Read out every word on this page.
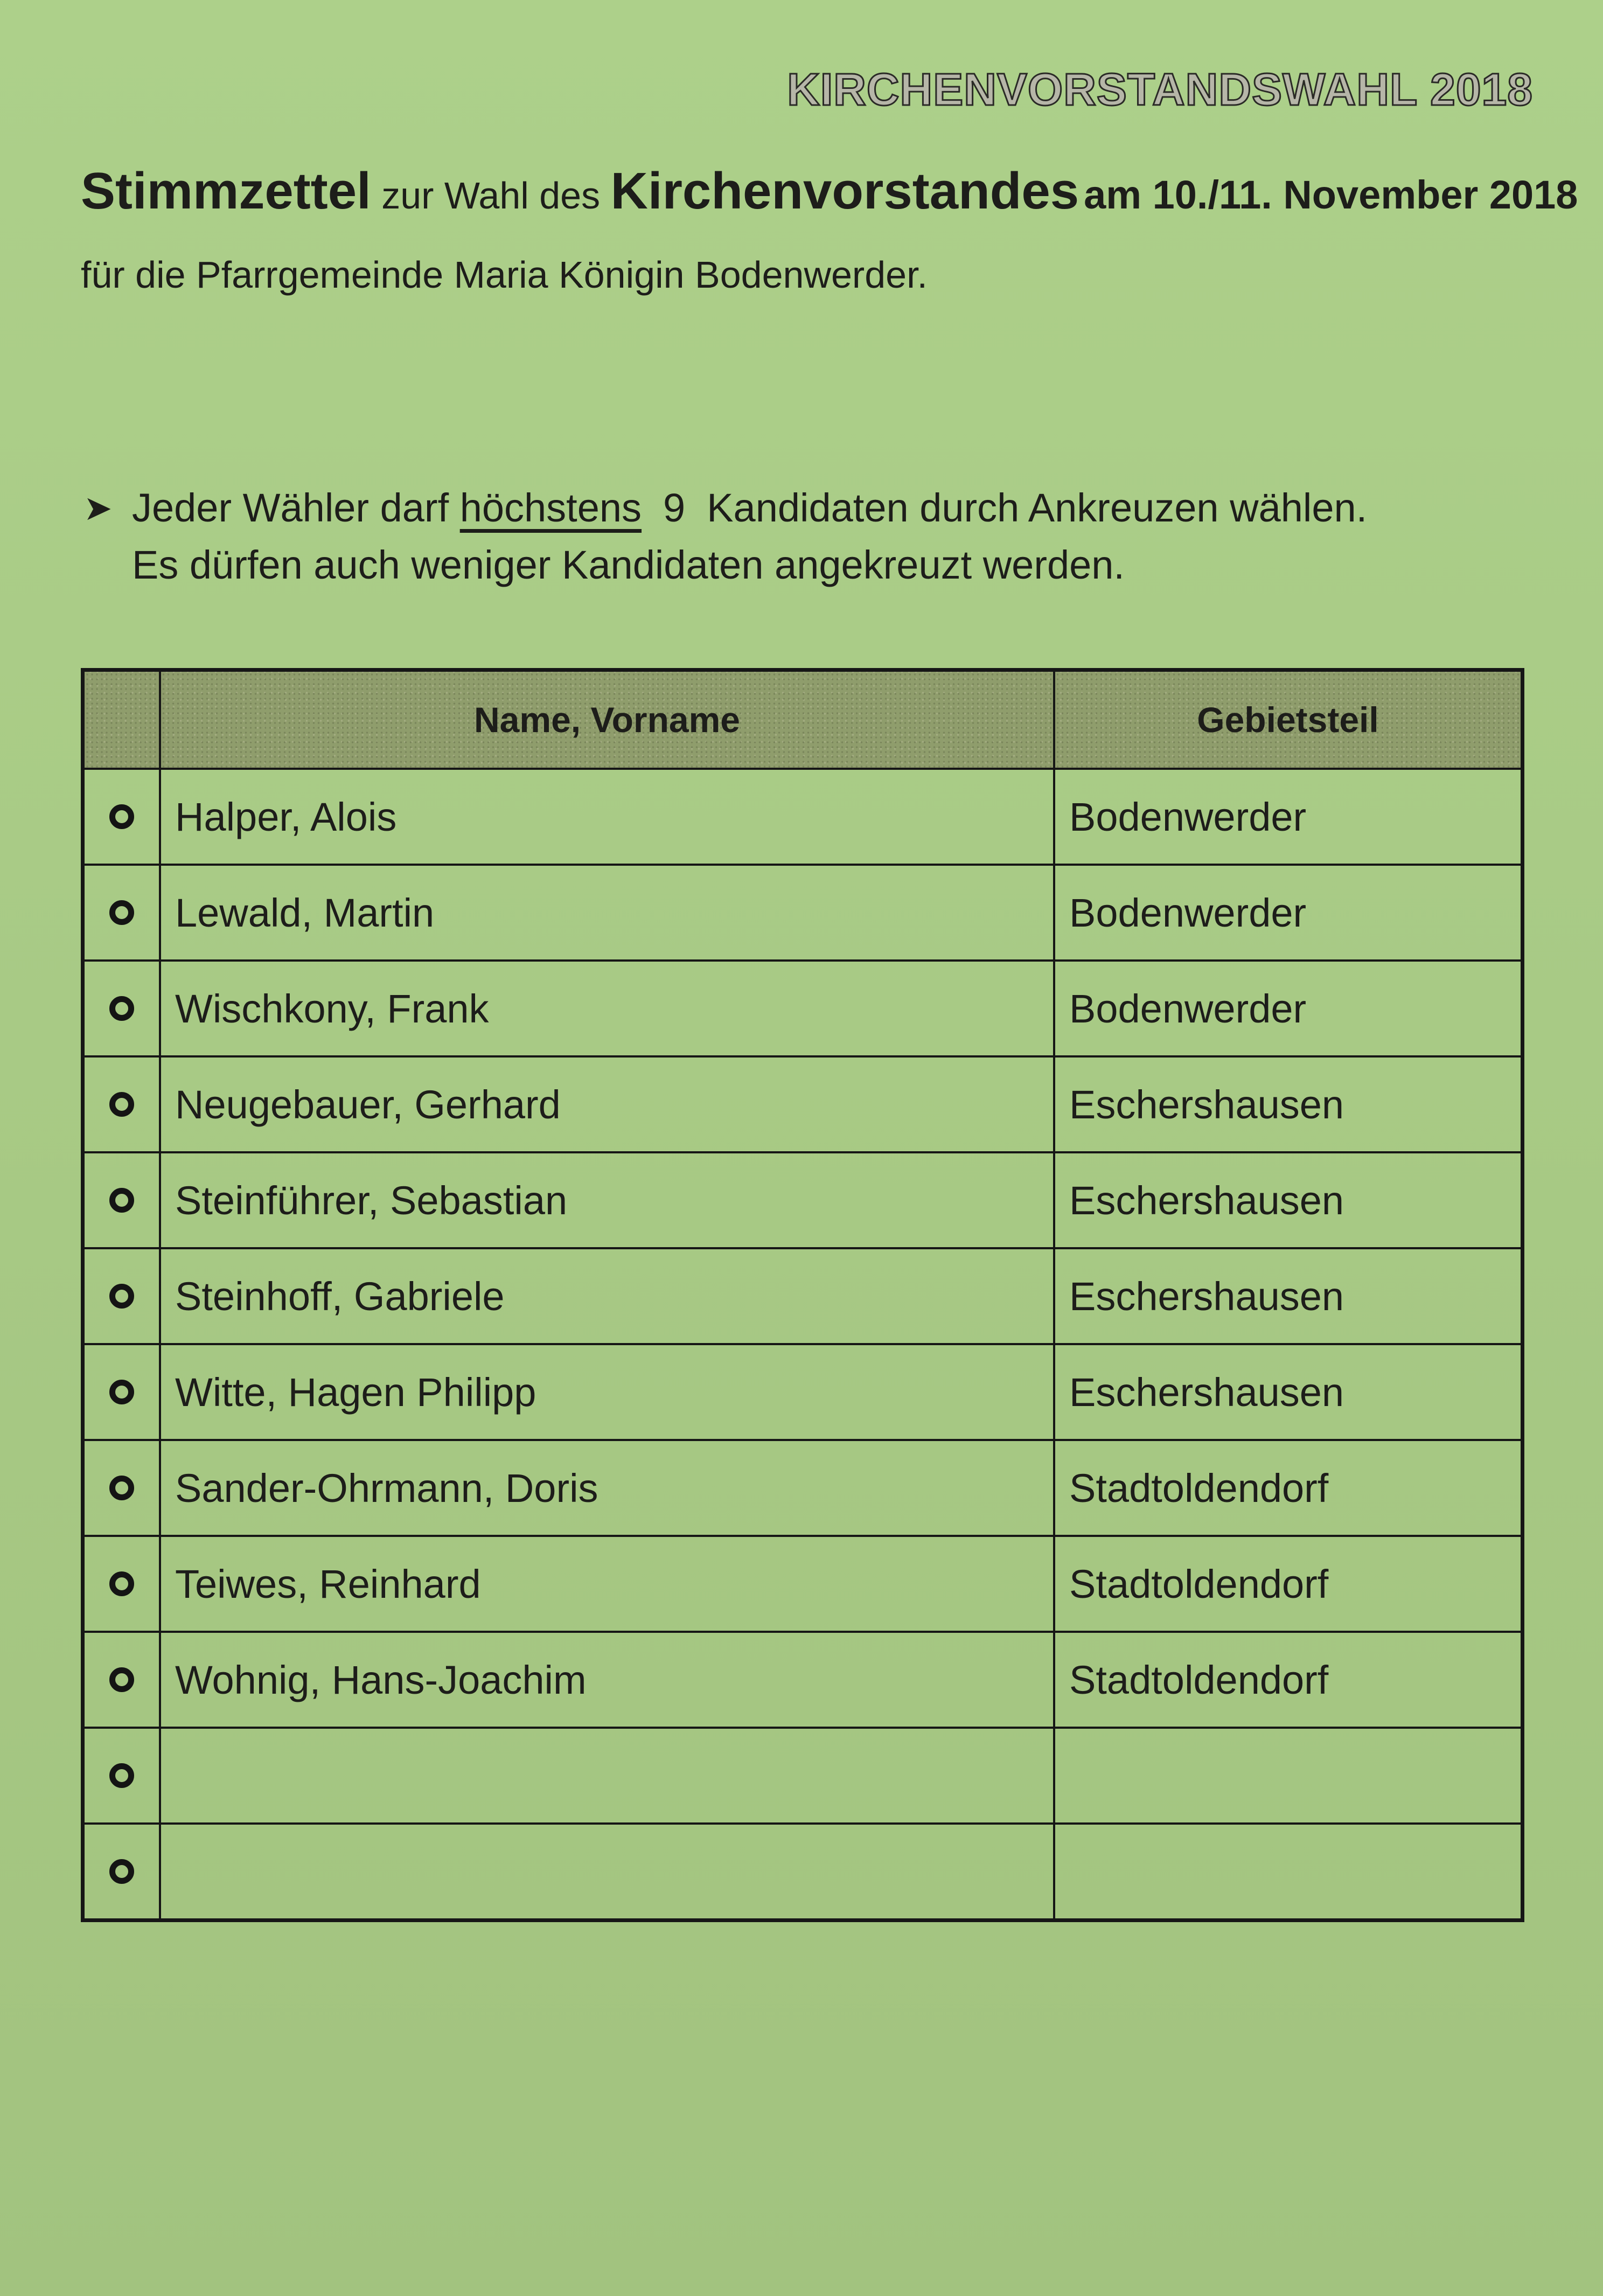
KIRCHENVORSTANDSWAHL 2018
Stimmzettel zur Wahl des Kirchenvorstandes am 10./11. November 2018
für die Pfarrgemeinde Maria Königin Bodenwerder.
➤ Jeder Wähler darf höchstens 9 Kandidaten durch Ankreuzen wählen.
Es dürfen auch weniger Kandidaten angekreuzt werden.
	Name, Vorname	Gebietsteil
	Halper, Alois	Bodenwerder
	Lewald, Martin	Bodenwerder
	Wischkony, Frank	Bodenwerder
	Neugebauer, Gerhard	Eschershausen
	Steinführer, Sebastian	Eschershausen
	Steinhoff, Gabriele	Eschershausen
	Witte, Hagen Philipp	Eschershausen
	Sander-Ohrmann, Doris	Stadtoldendorf
	Teiwes, Reinhard	Stadtoldendorf
	Wohnig, Hans-Joachim	Stadtoldendorf
